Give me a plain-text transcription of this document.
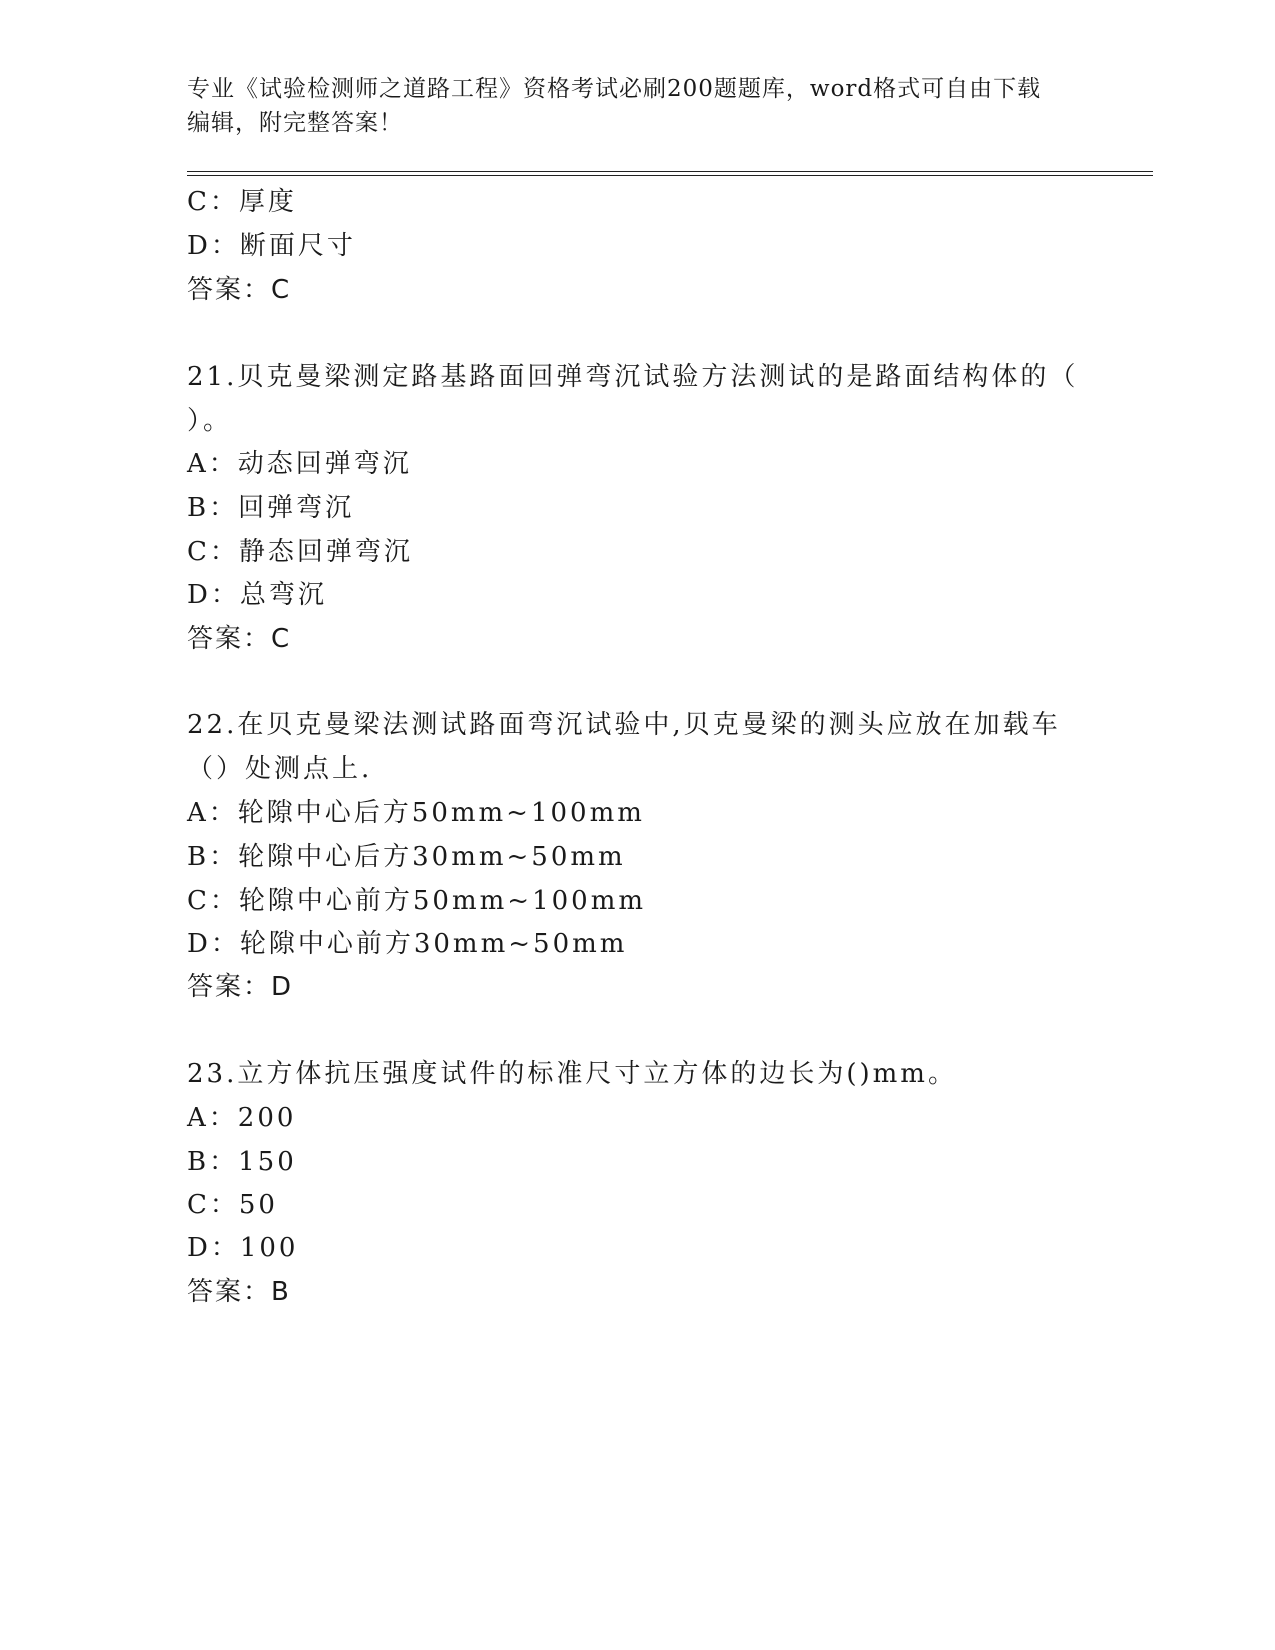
专业《试验检测师之道路工程》资格考试必刷200题题库，word格式可自由下载
编辑，附完整答案！
C：厚度
D：断面尺寸
答案：C
21.贝克曼梁测定路基路面回弹弯沉试验方法测试的是路面结构体的（
）。
A：动态回弹弯沉
B：回弹弯沉
C：静态回弹弯沉
D：总弯沉
答案：C
22.在贝克曼梁法测试路面弯沉试验中,贝克曼梁的测头应放在加载车
（）处测点上.
A：轮隙中心后方50mm~100mm
B：轮隙中心后方30mm~50mm
C：轮隙中心前方50mm~100mm
D：轮隙中心前方30mm~50mm
答案：D
23.立方体抗压强度试件的标准尺寸立方体的边长为()mm。
A：200
B：150
C：50
D：100
答案：B
